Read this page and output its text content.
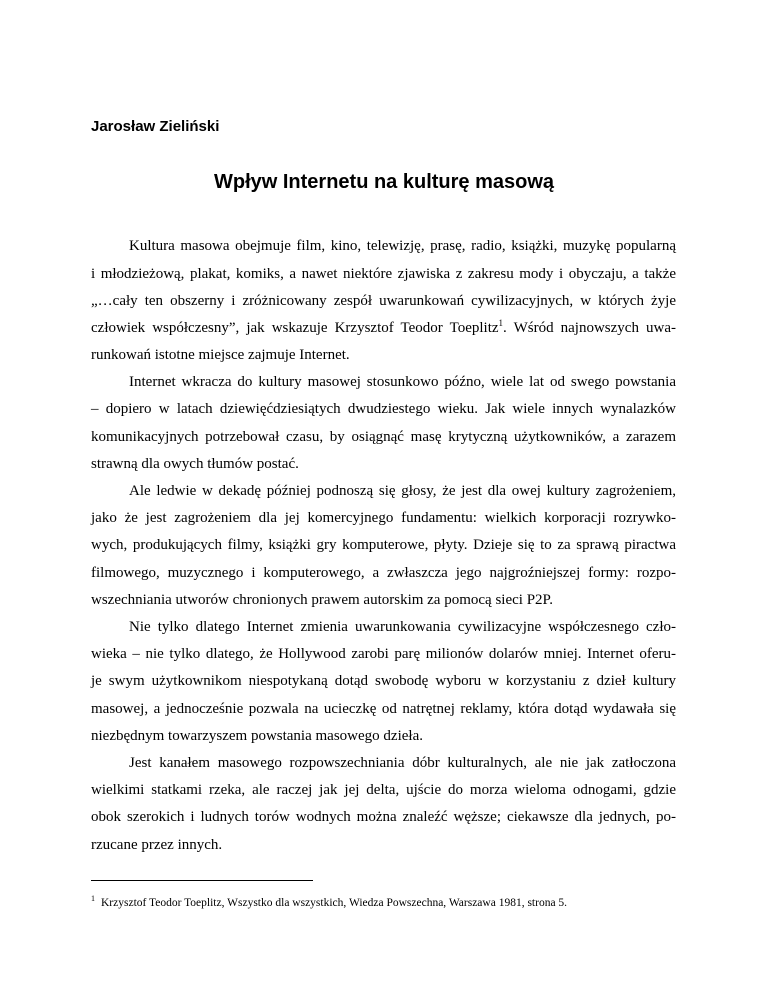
Jarosław Zieliński
Wpływ Internetu na kulturę masową
Kultura masowa obejmuje film, kino, telewizję, prasę, radio, książki, muzykę popularną
i młodzieżową, plakat, komiks, a nawet niektóre zjawiska z zakresu mody i obyczaju, a także
„…cały ten obszerny i zróżnicowany zespół uwarunkowań cywilizacyjnych, w których żyje
człowiek współczesny”, jak wskazuje Krzysztof Teodor Toeplitz$^1$. Wśród najnowszych uwa-
runkowań istotne miejsce zajmuje Internet.
Internet wkracza do kultury masowej stosunkowo późno, wiele lat od swego powstania
– dopiero w latach dziewięćdziesiątych dwudziestego wieku. Jak wiele innych wynalazków
komunikacyjnych potrzebował czasu, by osiągnąć masę krytyczną użytkowników, a zarazem
strawną dla owych tłumów postać.
Ale ledwie w dekadę później podnoszą się głosy, że jest dla owej kultury zagrożeniem,
jako że jest zagrożeniem dla jej komercyjnego fundamentu: wielkich korporacji rozrywko-
wych, produkujących filmy, książki gry komputerowe, płyty. Dzieje się to za sprawą piractwa
filmowego, muzycznego i komputerowego, a zwłaszcza jego najgroźniejszej formy: rozpo-
wszechniania utworów chronionych prawem autorskim za pomocą sieci P2P.
Nie tylko dlatego Internet zmienia uwarunkowania cywilizacyjne współczesnego czło-
wieka – nie tylko dlatego, że Hollywood zarobi parę milionów dolarów mniej. Internet oferu-
je swym użytkownikom niespotykaną dotąd swobodę wyboru w korzystaniu z dzieł kultury
masowej, a jednocześnie pozwala na ucieczkę od natrętnej reklamy, która dotąd wydawała się
niezbędnym towarzyszem powstania masowego dzieła.
Jest kanałem masowego rozpowszechniania dóbr kulturalnych, ale nie jak zatłoczona
wielkimi statkami rzeka, ale raczej jak jej delta, ujście do morza wieloma odnogami, gdzie
obok szerokich i ludnych torów wodnych można znaleźć węższe; ciekawsze dla jednych, po-
rzucane przez innych.
$^1$ Krzysztof Teodor Toeplitz, Wszystko dla wszystkich, Wiedza Powszechna, Warszawa 1981, strona 5.
